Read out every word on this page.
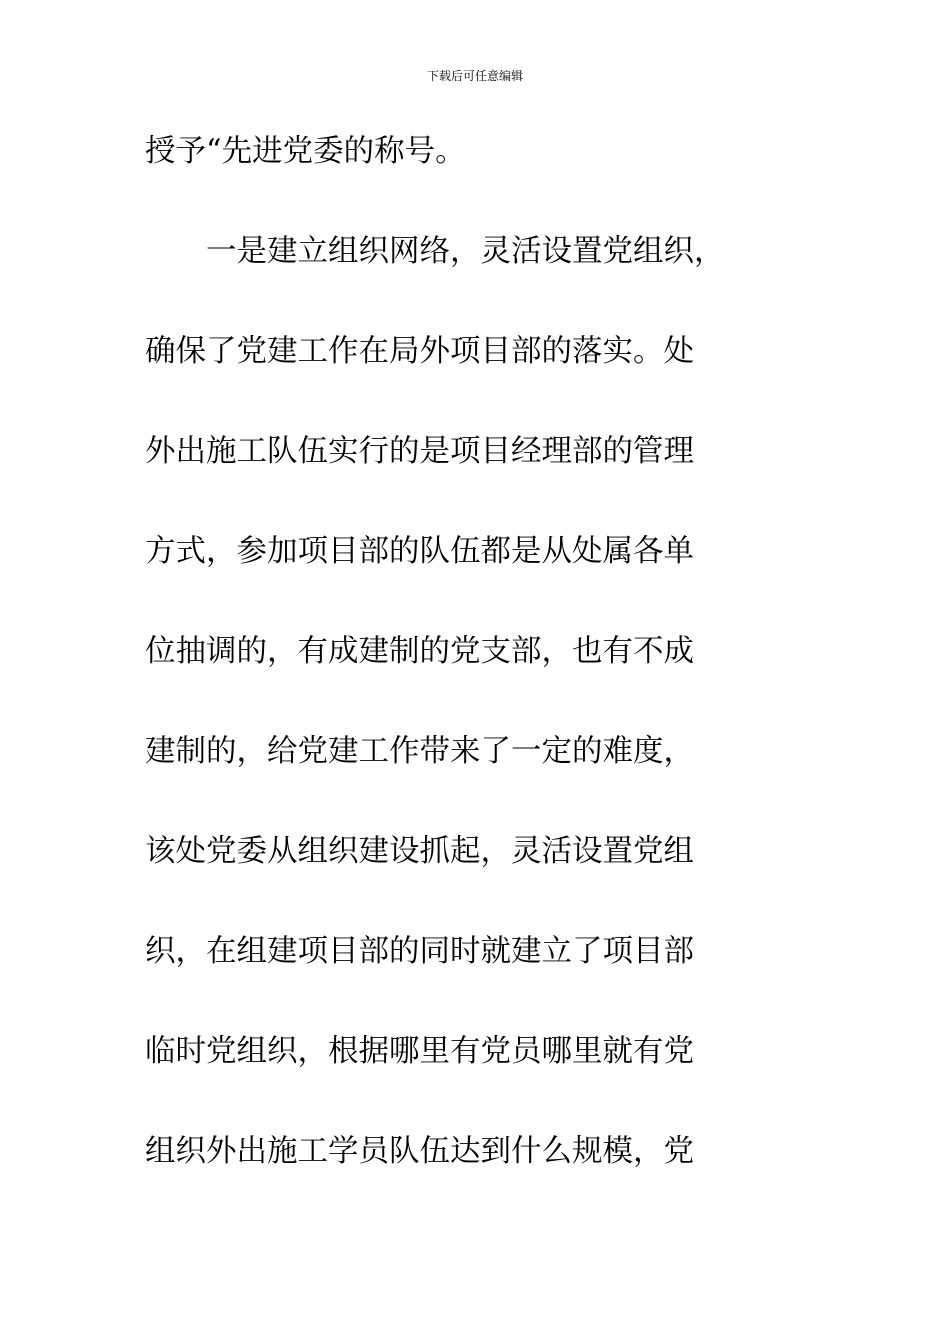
下载后可任意编辑
授予“先进党委的称号。
　　一是建立组织网络，灵活设置党组织，
确保了党建工作在局外项目部的落实。处
外出施工队伍实行的是项目经理部的管理
方式，参加项目部的队伍都是从处属各单
位抽调的，有成建制的党支部，也有不成
建制的，给党建工作带来了一定的难度，
该处党委从组织建设抓起，灵活设置党组
织，在组建项目部的同时就建立了项目部
临时党组织，根据哪里有党员哪里就有党
组织外出施工学员队伍达到什么规模，党
